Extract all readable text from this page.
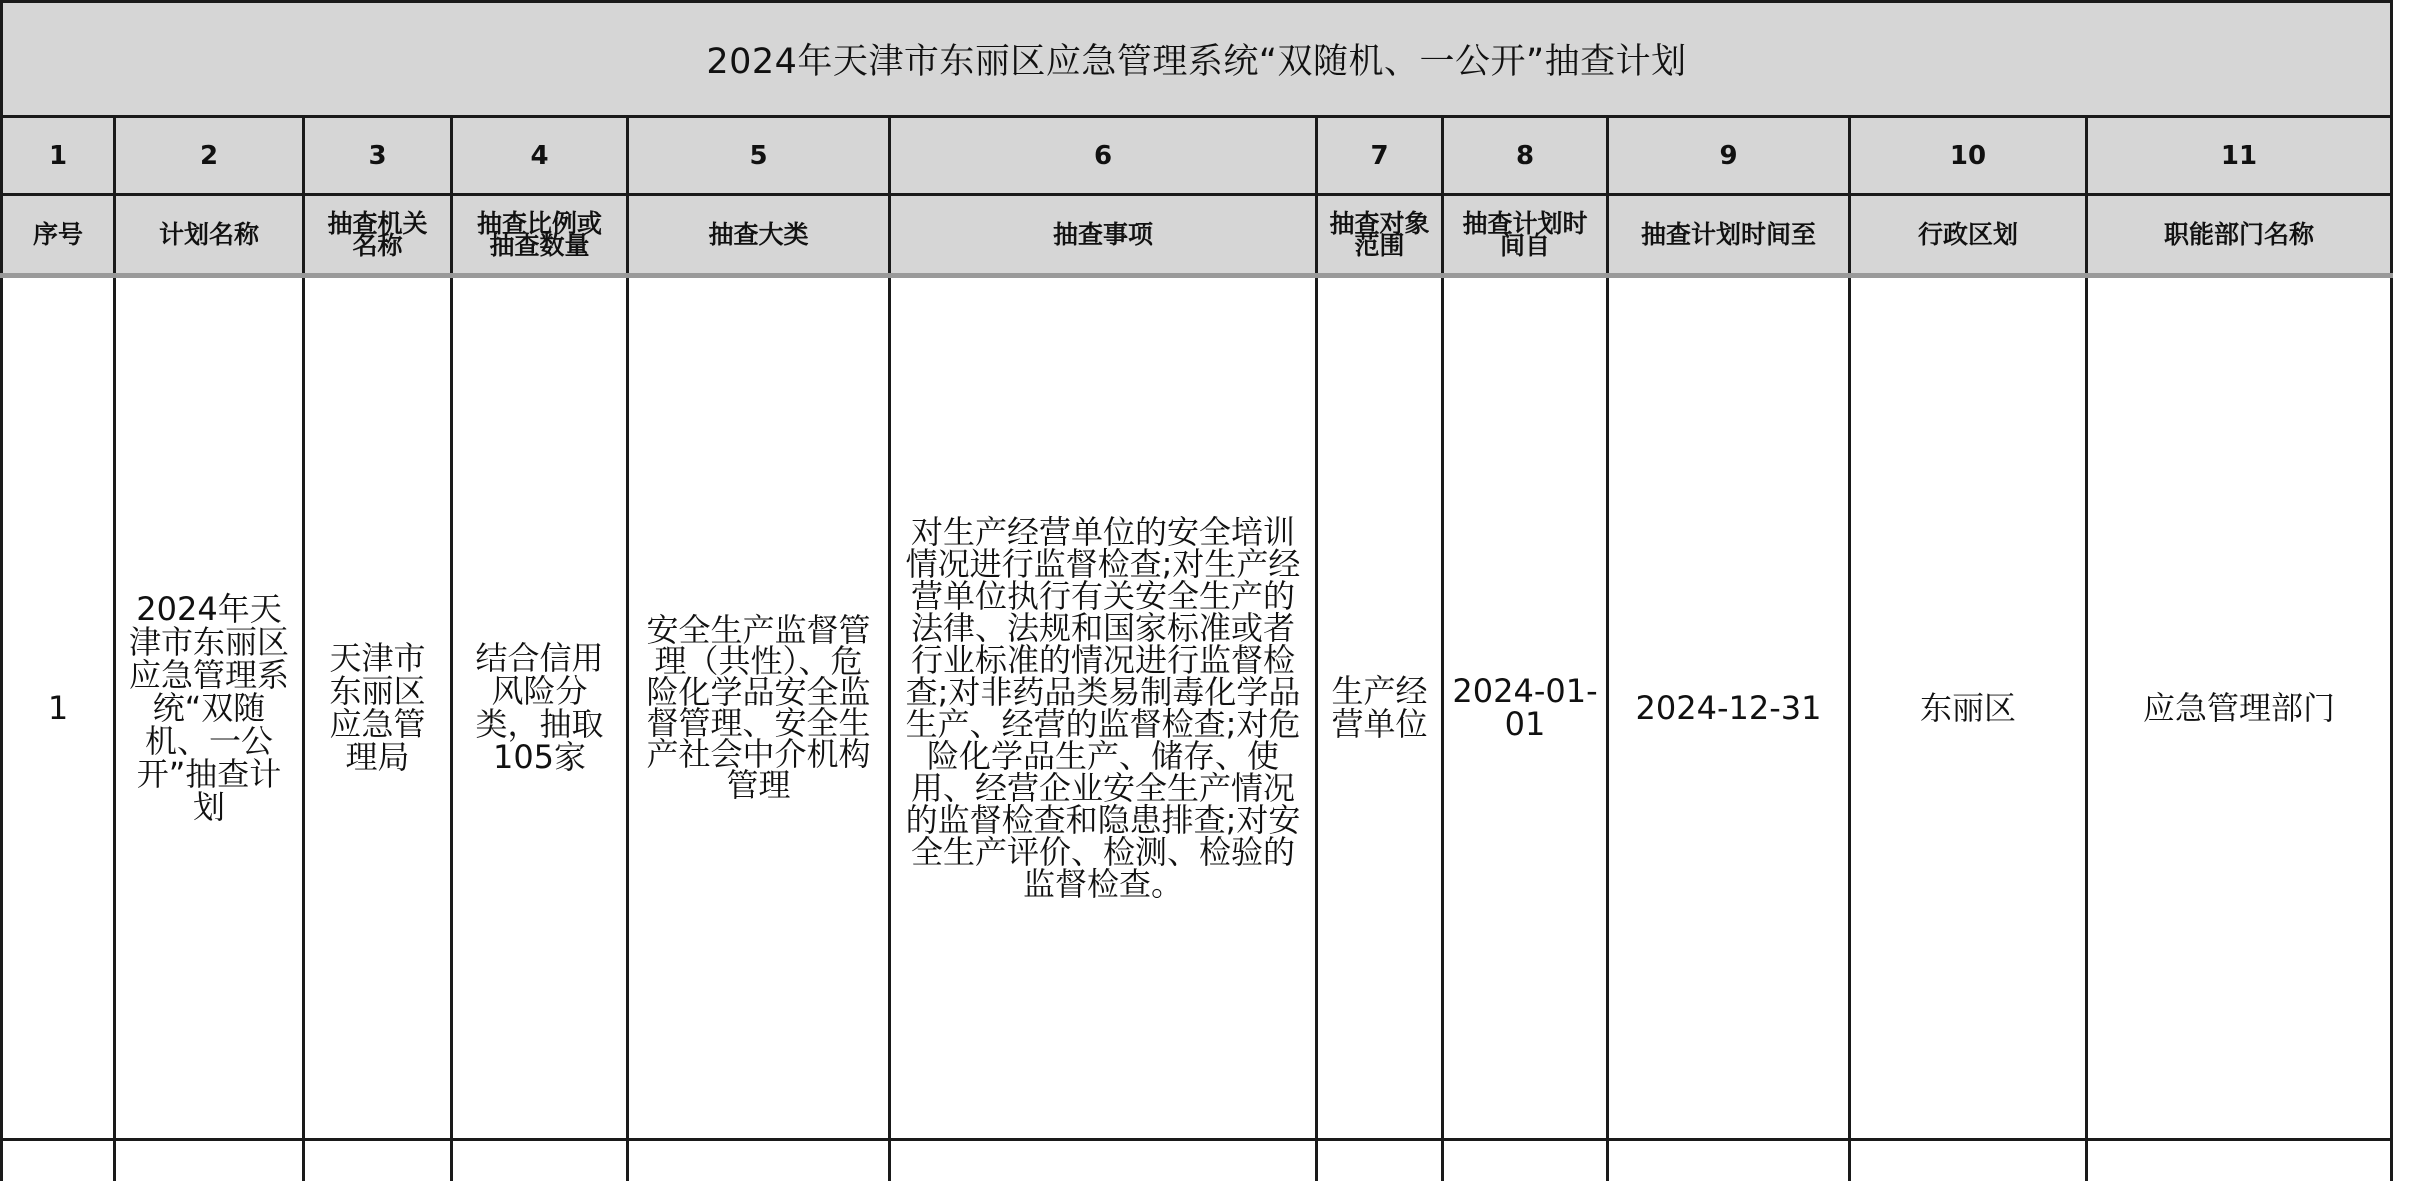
2024年天津市东丽区应急管理系统“双随机、一公开”抽查计划										
1	2	3	4	5	6	7	8	9	10	11
序号	计划名称	抽查机关名称	抽查比例或抽查数量	抽查大类	抽查事项	抽查对象范围	抽查计划时间自	抽查计划时间至	行政区划	职能部门名称
1	2024年天津市东丽区应急管理系统“双随机、一公开”抽查计划	天津市东丽区应急管理局	结合信用风险分类，抽取105家	安全生产监督管理（共性）、危险化学品安全监督管理、安全生产社会中介机构管理	对生产经营单位的安全培训情况进行监督检查;对生产经营单位执行有关安全生产的法律、法规和国家标准或者行业标准的情况进行监督检查;对非药品类易制毒化学品生产、经营的监督检查;对危险化学品生产、储存、使用、经营企业安全生产情况的监督检查和隐患排查;对安全生产评价、检测、检验的监督检查。	生产经营单位	2024-01-01	2024-12-31	东丽区	应急管理部门
